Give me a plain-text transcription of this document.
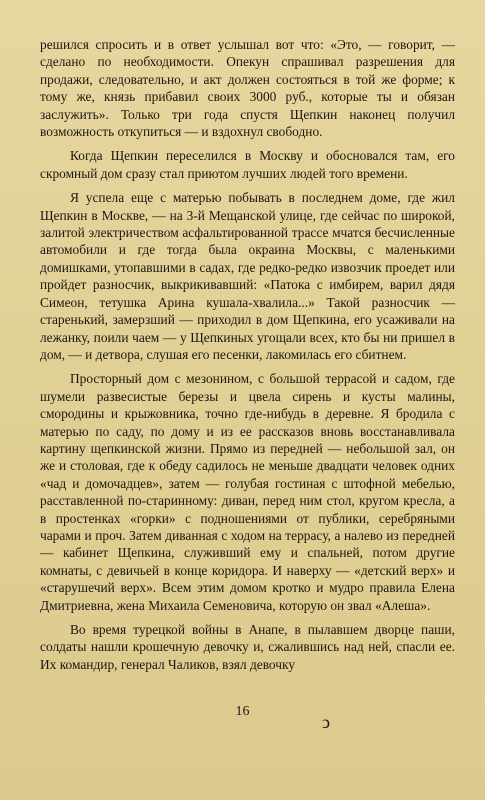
решился спросить и в ответ услышал вот что: «Это, — говорит, — сделано по необходимости. Опекун спрашивал разрешения для продажи, следовательно, и акт должен состояться в той же форме; к тому же, князь прибавил своих 3000 руб., которые ты и обязан заслужить». Только три года спустя Щепкин наконец получил возможность откупиться — и вздохнул свободно.

Когда Щепкин переселился в Москву и обосновался там, его скромный дом сразу стал приютом лучших людей того времени.

Я успела еще с матерью побывать в последнем доме, где жил Щепкин в Москве, — на 3-й Мещанской улице, где сейчас по широкой, залитой электричеством асфальтированной трассе мчатся бесчисленные автомобили и где тогда была окраина Москвы, с маленькими домишками, утопавшими в садах, где редко-редко извозчик проедет или пройдет разносчик, выкрикивавший: «Патока с имбирем, варил дядя Симеон, тетушка Арина кушала-хвалила...» Такой разносчик — старенький, замерзший — приходил в дом Щепкина, его усаживали на лежанку, поили чаем — у Щепкиных угощали всех, кто бы ни пришел в дом, — и детвора, слушая его песенки, лакомилась его сбитнем.

Просторный дом с мезонином, с большой террасой и садом, где шумели развесистые березы и цвела сирень и кусты малины, смородины и крыжовника, точно где-нибудь в деревне. Я бродила с матерью по саду, по дому и из ее рассказов вновь восстанавливала картину щепкинской жизни. Прямо из передней — небольшой зал, он же и столовая, где к обеду садилось не меньше двадцати человек одних «чад и домочадцев», затем — голубая гостиная с штофной мебелью, расставленной по-старинному: диван, перед ним стол, кругом кресла, а в простенках «горки» с подношениями от публики, серебряными чарами и проч. Затем диванная с ходом на террасу, а налево из передней — кабинет Щепкина, служивший ему и спальней, потом другие комнаты, с девичьей в конце коридора. И наверху — «детский верх» и «старушечий верх». Всем этим домом кротко и мудро правила Елена Дмитриевна, жена Михаила Семеновича, которую он звал «Алеша».

Во время турецкой войны в Анапе, в пылавшем дворце паши, солдаты нашли крошечную девочку и, сжалившись над ней, спасли ее. Их командир, генерал Чаликов, взял девочку

16
ↄ
